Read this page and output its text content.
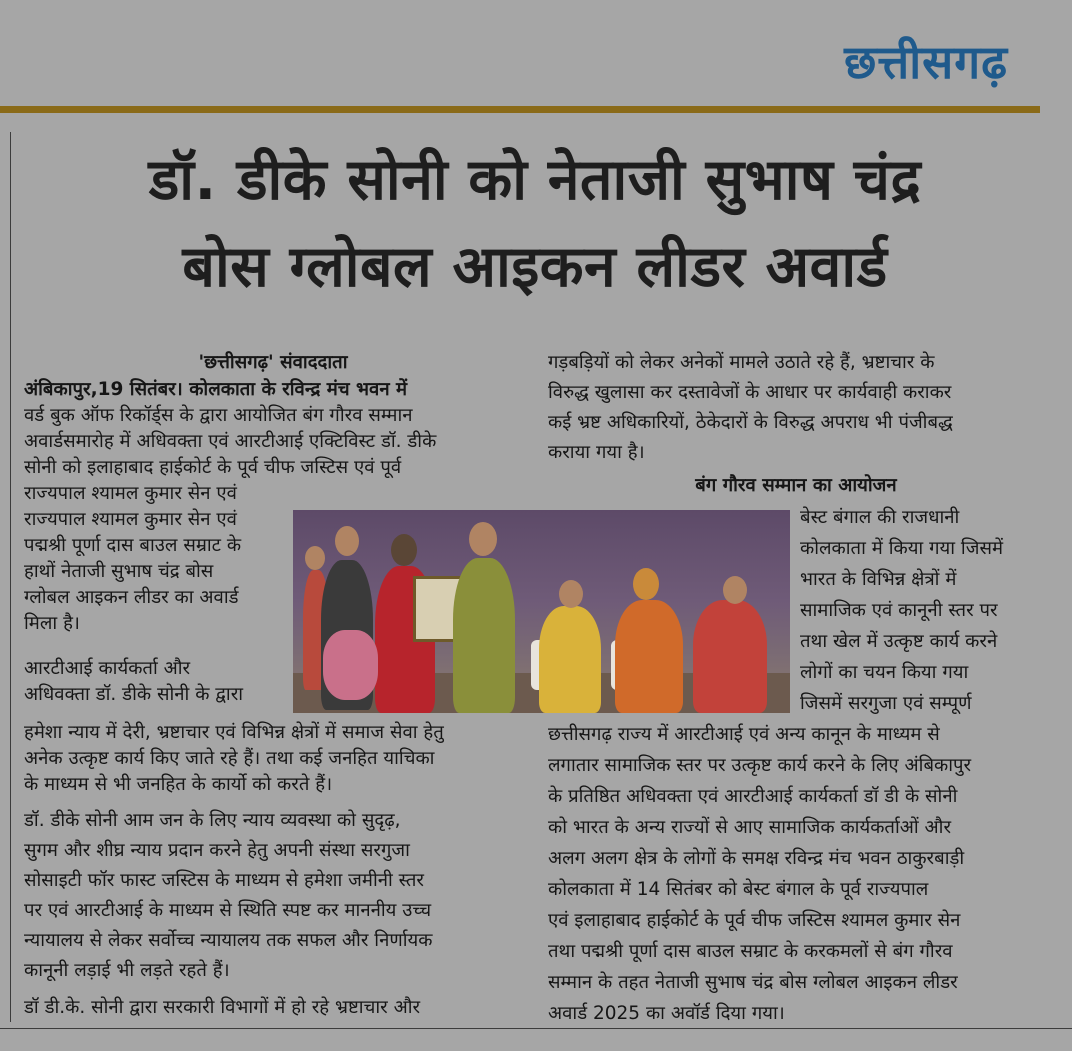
छत्तीसगढ़
डॉ. डीके सोनी को नेताजी सुभाष चंद्र
बोस ग्लोबल आइकन लीडर अवार्ड
'छत्तीसगढ़' संवाददाता
अंबिकापुर,19 सितंबर। कोलकाता के रविन्द्र मंच भवन में
वर्ड बुक ऑफ रिकॉर्ड्स के द्वारा आयोजित बंग गौरव सम्मान
अवार्डसमारोह में अधिवक्ता एवं आरटीआई एक्टिविस्ट डॉ. डीके
सोनी को इलाहाबाद हाईकोर्ट के पूर्व चीफ जस्टिस एवं पूर्व
राज्यपाल श्यामल कुमार सेन एवं
राज्यपाल श्यामल कुमार सेन एवं
पद्मश्री पूर्णा दास बाउल सम्राट के
हाथों नेताजी सुभाष चंद्र बोस
ग्लोबल आइकन लीडर का अवार्ड
मिला है।
आरटीआई कार्यकर्ता और
अधिवक्ता डॉ. डीके सोनी के द्वारा
हमेशा न्याय में देरी, भ्रष्टाचार एवं विभिन्न क्षेत्रों में समाज सेवा हेतु
अनेक उत्कृष्ट कार्य किए जाते रहे हैं। तथा कई जनहित याचिका
के माध्यम से भी जनहित के कार्यो को करते हैं।
डॉ. डीके सोनी आम जन के लिए न्याय व्यवस्था को सुदृढ़,
सुगम और शीघ्र न्याय प्रदान करने हेतु अपनी संस्था सरगुजा
सोसाइटी फॉर फास्ट जस्टिस के माध्यम से हमेशा जमीनी स्तर
पर एवं आरटीआई के माध्यम से स्थिति स्पष्ट कर माननीय उच्च
न्यायालय से लेकर सर्वोच्च न्यायालय तक सफल और निर्णायक
कानूनी लड़ाई भी लड़ते रहते हैं।
डॉ डी.के. सोनी द्वारा सरकारी विभागों में हो रहे भ्रष्टाचार और
गड़बड़ियों को लेकर अनेकों मामले उठाते रहे हैं, भ्रष्टाचार के
विरुद्ध खुलासा कर दस्तावेजों के आधार पर कार्यवाही कराकर
कई भ्रष्ट अधिकारियों, ठेकेदारों के विरुद्ध अपराध भी पंजीबद्ध
कराया गया है।
बंग गौरव सम्मान का आयोजन
बेस्ट बंगाल की राजधानी
कोलकाता में किया गया जिसमें
भारत के विभिन्न क्षेत्रों में
सामाजिक एवं कानूनी स्तर पर
तथा खेल में उत्कृष्ट कार्य करने
लोगों का चयन किया गया
जिसमें सरगुजा एवं सम्पूर्ण
छत्तीसगढ़ राज्य में आरटीआई एवं अन्य कानून के माध्यम से
लगातार सामाजिक स्तर पर उत्कृष्ट कार्य करने के लिए अंबिकापुर
के प्रतिष्ठित अधिवक्ता एवं आरटीआई कार्यकर्ता डॉ डी के सोनी
को भारत के अन्य राज्यों से आए सामाजिक कार्यकर्ताओं और
अलग अलग क्षेत्र के लोगों के समक्ष रविन्द्र मंच भवन ठाकुरबाड़ी
कोलकाता में 14 सितंबर को बेस्ट बंगाल के पूर्व राज्यपाल
एवं इलाहाबाद हाईकोर्ट के पूर्व चीफ जस्टिस श्यामल कुमार सेन
तथा पद्मश्री पूर्णा दास बाउल सम्राट के करकमलों से बंग गौरव
सम्मान के तहत नेताजी सुभाष चंद्र बोस ग्लोबल आइकन लीडर
अवार्ड 2025 का अवॉर्ड दिया गया।
